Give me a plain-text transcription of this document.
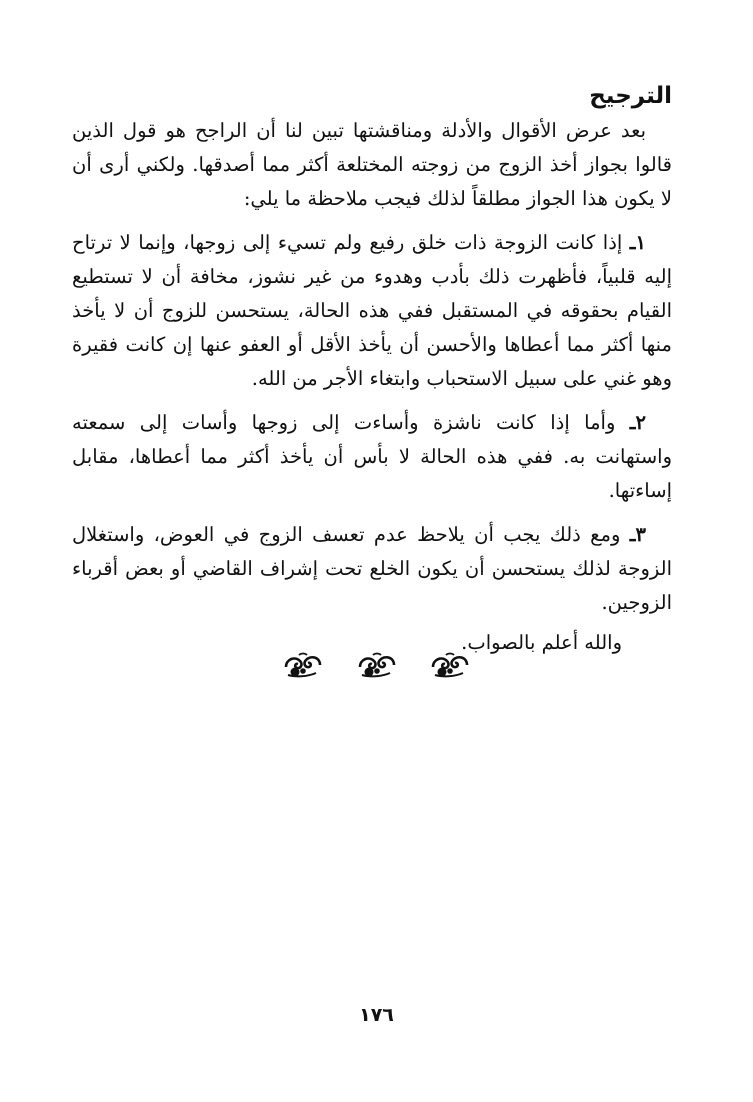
الترجيح

بعد عرض الأقوال والأدلة ومناقشتها تبين لنا أن الراجح هو قول الذين قالوا بجواز أخذ الزوج من زوجته المختلعة أكثر مما أصدقها. ولكني أرى أن لا يكون هذا الجواز مطلقاً لذلك فيجب ملاحظة ما يلي:

١ـ إذا كانت الزوجة ذات خلق رفيع ولم تسيء إلى زوجها، وإنما لا ترتاح إليه قلبياً، فأظهرت ذلك بأدب وهدوء من غير نشوز، مخافة أن لا تستطيع القيام بحقوقه في المستقبل ففي هذه الحالة، يستحسن للزوج أن لا يأخذ منها أكثر مما أعطاها والأحسن أن يأخذ الأقل أو العفو عنها إن كانت فقيرة وهو غني على سبيل الاستحباب وابتغاء الأجر من الله.

٢ـ وأما إذا كانت ناشزة وأساءت إلى زوجها وأسات إلى سمعته واستهانت به. ففي هذه الحالة لا بأس أن يأخذ أكثر مما أعطاها، مقابل إساءتها.

٣ـ ومع ذلك يجب أن يلاحظ عدم تعسف الزوج في العوض، واستغلال الزوجة لذلك يستحسن أن يكون الخلع تحت إشراف القاضي أو بعض أقرباء الزوجين.

والله أعلم بالصواب.

١٧٦
